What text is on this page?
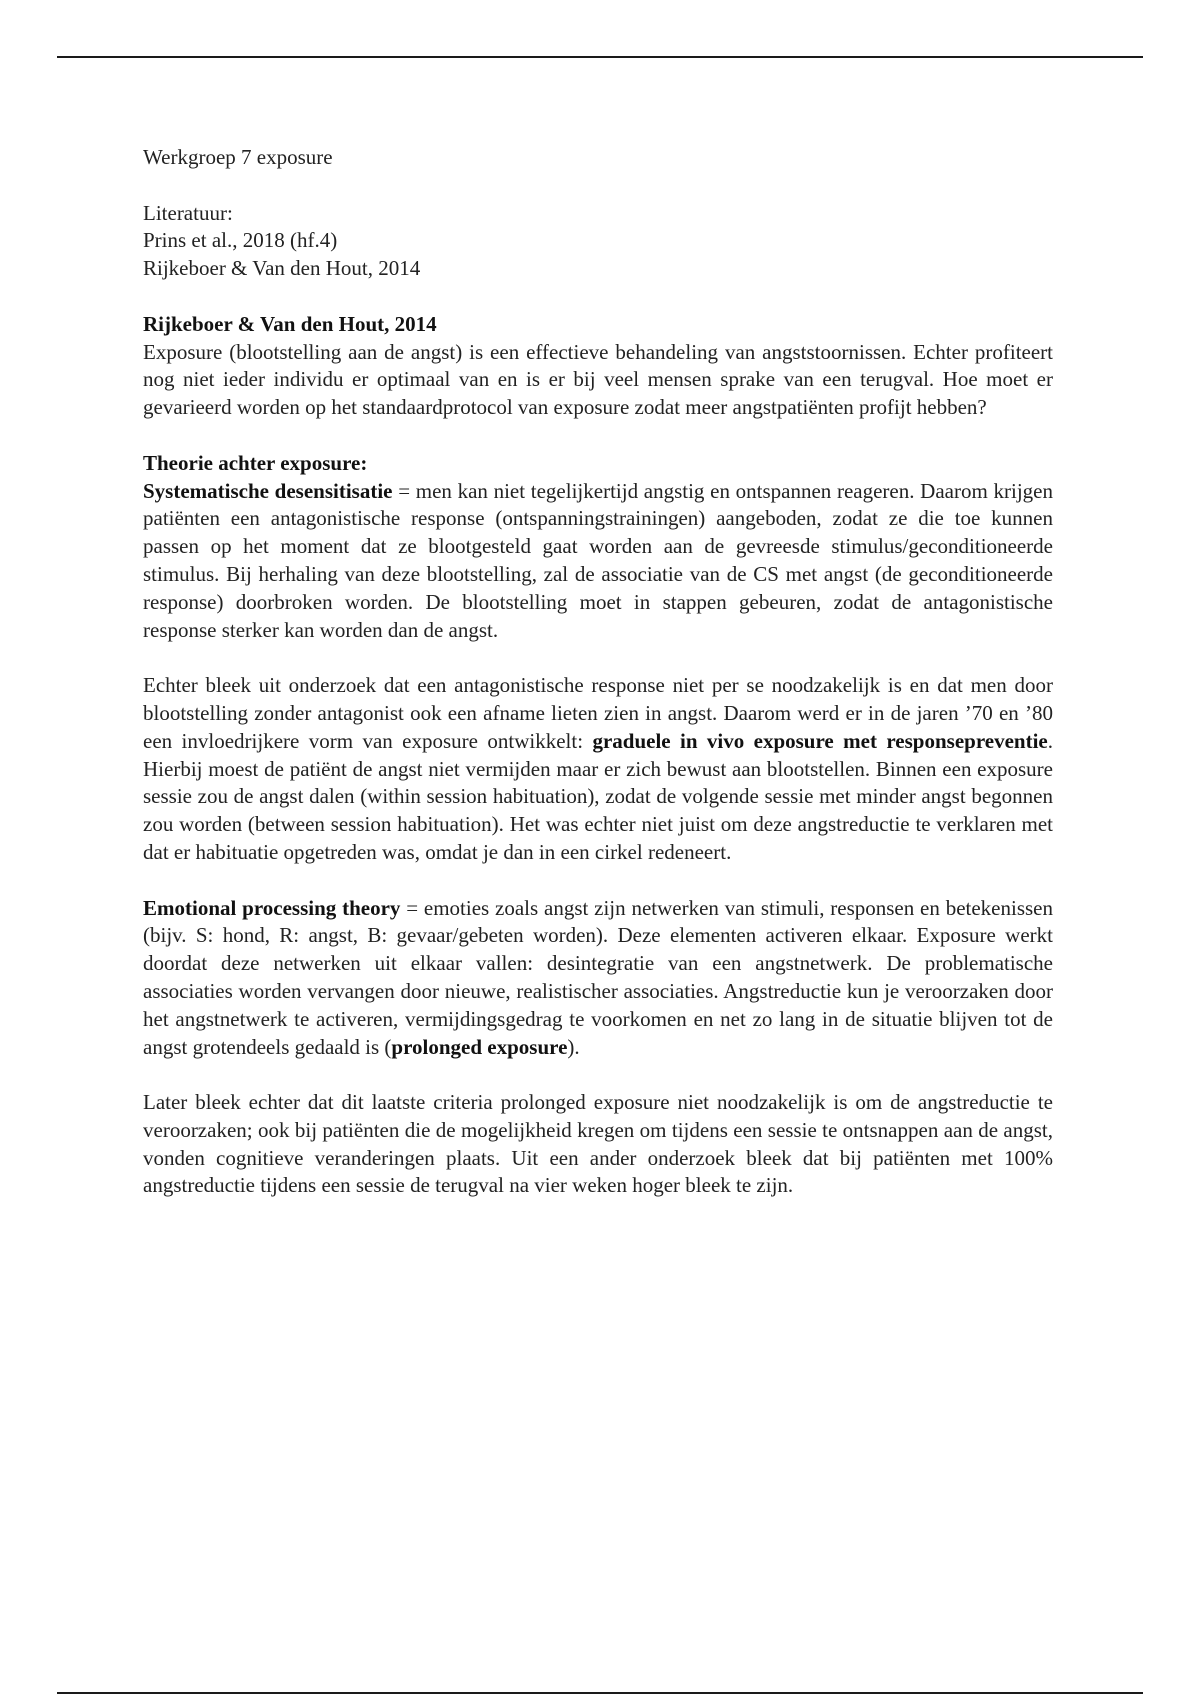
Werkgroep 7 exposure

Literatuur:
Prins et al., 2018 (hf.4)
Rijkeboer & Van den Hout, 2014

Rijkeboer & Van den Hout, 2014

Exposure (blootstelling aan de angst) is een effectieve behandeling van angststoornissen. Echter profiteert nog niet ieder individu er optimaal van en is er bij veel mensen sprake van een terugval. Hoe moet er gevarieerd worden op het standaardprotocol van exposure zodat meer angstpatiënten profijt hebben?

Theorie achter exposure:

Systematische desensitisatie = men kan niet tegelijkertijd angstig en ontspannen reageren. Daarom krijgen patiënten een antagonistische response (ontspanningstrainingen) aangeboden, zodat ze die toe kunnen passen op het moment dat ze blootgesteld gaat worden aan de gevreesde stimulus/geconditioneerde stimulus. Bij herhaling van deze blootstelling, zal de associatie van de CS met angst (de geconditioneerde response) doorbroken worden. De blootstelling moet in stappen gebeuren, zodat de antagonistische response sterker kan worden dan de angst.

Echter bleek uit onderzoek dat een antagonistische response niet per se noodzakelijk is en dat men door blootstelling zonder antagonist ook een afname lieten zien in angst. Daarom werd er in de jaren ’70 en ’80 een invloedrijkere vorm van exposure ontwikkelt: graduele in vivo exposure met responsepreventie. Hierbij moest de patiënt de angst niet vermijden maar er zich bewust aan blootstellen. Binnen een exposure sessie zou de angst dalen (within session habituation), zodat de volgende sessie met minder angst begonnen zou worden (between session habituation). Het was echter niet juist om deze angstreductie te verklaren met dat er habituatie opgetreden was, omdat je dan in een cirkel redeneert.

Emotional processing theory = emoties zoals angst zijn netwerken van stimuli, responsen en betekenissen (bijv. S: hond, R: angst, B: gevaar/gebeten worden). Deze elementen activeren elkaar. Exposure werkt doordat deze netwerken uit elkaar vallen: desintegratie van een angstnetwerk. De problematische associaties worden vervangen door nieuwe, realistischer associaties. Angstreductie kun je veroorzaken door het angstnetwerk te activeren, vermijdingsgedrag te voorkomen en net zo lang in de situatie blijven tot de angst grotendeels gedaald is (prolonged exposure).

Later bleek echter dat dit laatste criteria prolonged exposure niet noodzakelijk is om de angstreductie te veroorzaken; ook bij patiënten die de mogelijkheid kregen om tijdens een sessie te ontsnappen aan de angst, vonden cognitieve veranderingen plaats. Uit een ander onderzoek bleek dat bij patiënten met 100% angstreductie tijdens een sessie de terugval na vier weken hoger bleek te zijn.
